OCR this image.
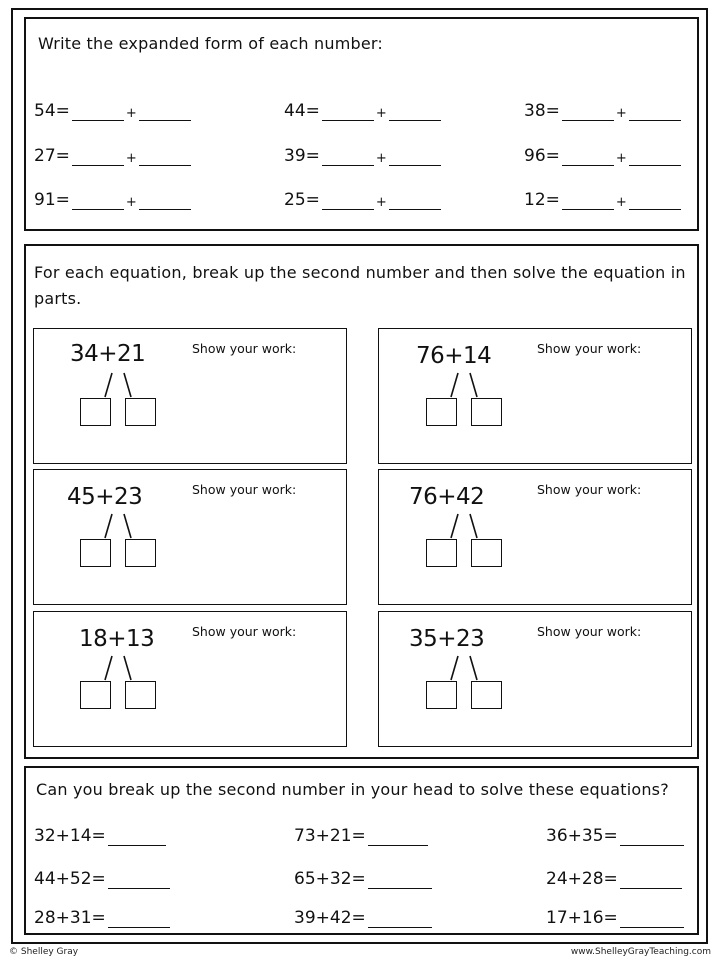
Write the expanded form of each number:
54=	+	44=	+	38=	+
27=	+	39=	+	96=	+
91=	+	25=	+	12=	+
For each equation, break up the second number and then solve the equation in parts.
34+21	Show your work:	76+14	Show your work:
45+23	Show your work:	76+42	Show your work:
18+13	Show your work:	35+23	Show your work:
Can you break up the second number in your head to solve these equations?
32+14=	73+21=	36+35=
44+52=	65+32=	24+28=
28+31=	39+42=	17+16=
© Shelley Gray	www.ShelleyGrayTeaching.com
